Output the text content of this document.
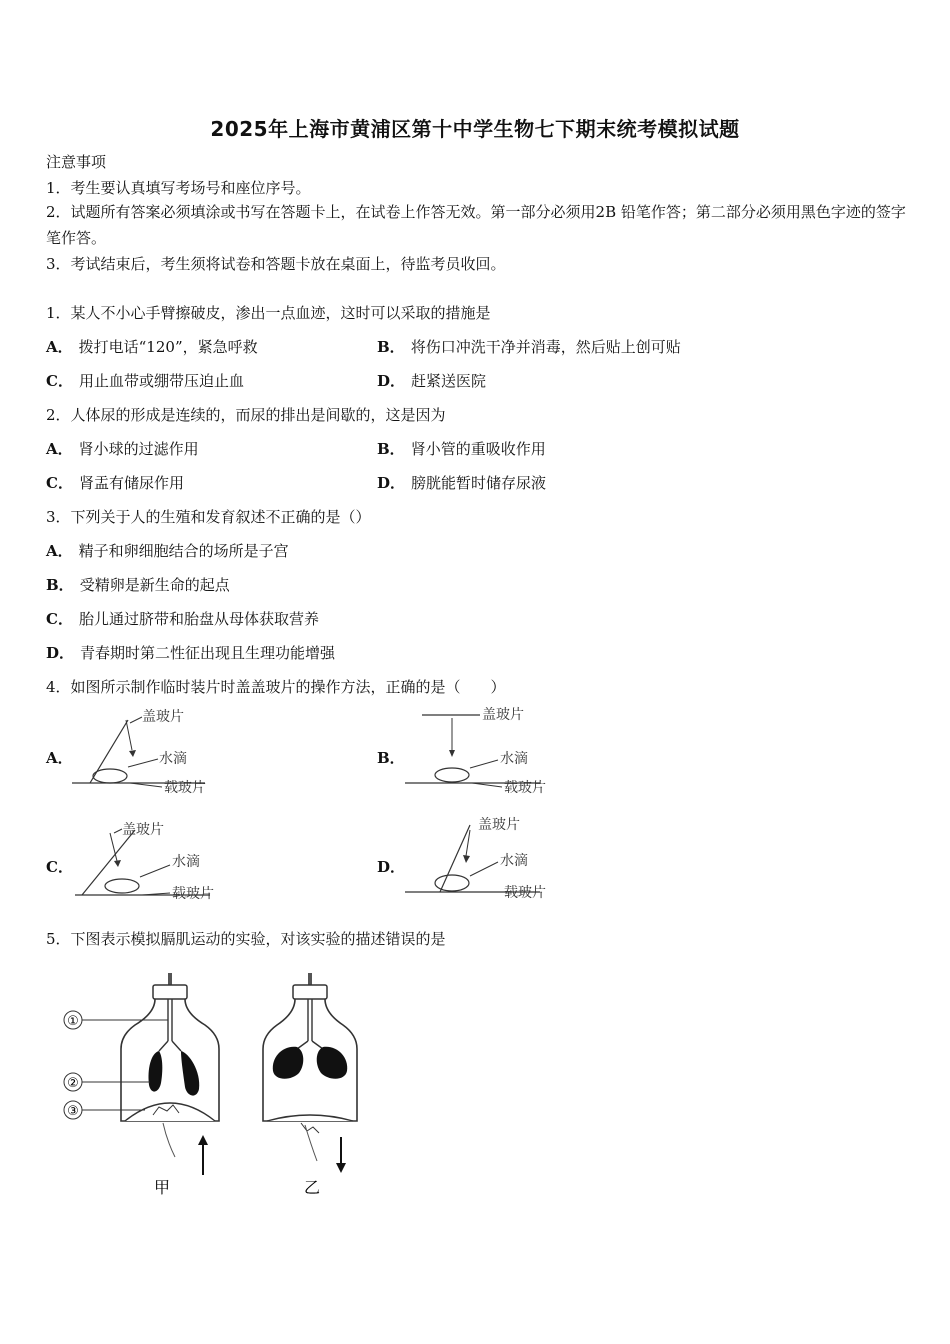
2025年上海市黄浦区第十中学生物七下期末统考模拟试题
注意事项
1．考生要认真填写考场号和座位序号。
2．试题所有答案必须填涂或书写在答题卡上，在试卷上作答无效。第一部分必须用2B 铅笔作答；第二部分必须用黑色字迹的签字笔作答。
3．考试结束后，考生须将试卷和答题卡放在桌面上，待监考员收回。
1．某人不小心手臂擦破皮，渗出一点血迹，这时可以采取的措施是
A． 拨打电话“120”，紧急呼救	B． 将伤口冲洗干净并消毒，然后贴上创可贴
C． 用止血带或绷带压迫止血	D． 赶紧送医院
2．人体尿的形成是连续的，而尿的排出是间歇的，这是因为
A． 肾小球的过滤作用	B． 肾小管的重吸收作用
C． 肾盂有储尿作用	D． 膀胱能暂时储存尿液
3．下列关于人的生殖和发育叙述不正确的是（）
A． 精子和卵细胞结合的场所是子宫
B． 受精卵是新生命的起点
C． 胎儿通过脐带和胎盘从母体获取营养
D． 青春期时第二性征出现且生理功能增强
4．如图所示制作临时装片时盖盖玻片的操作方法，正确的是（　　）
A．	B．
C．	D．
盖玻片
水滴
载玻片
盖玻片
水滴
载玻片
盖玻片
水滴
载玻片
盖玻片
水滴
载玻片
5．下图表示模拟膈肌运动的实验，对该实验的描述错误的是
①
②
③
甲	乙
